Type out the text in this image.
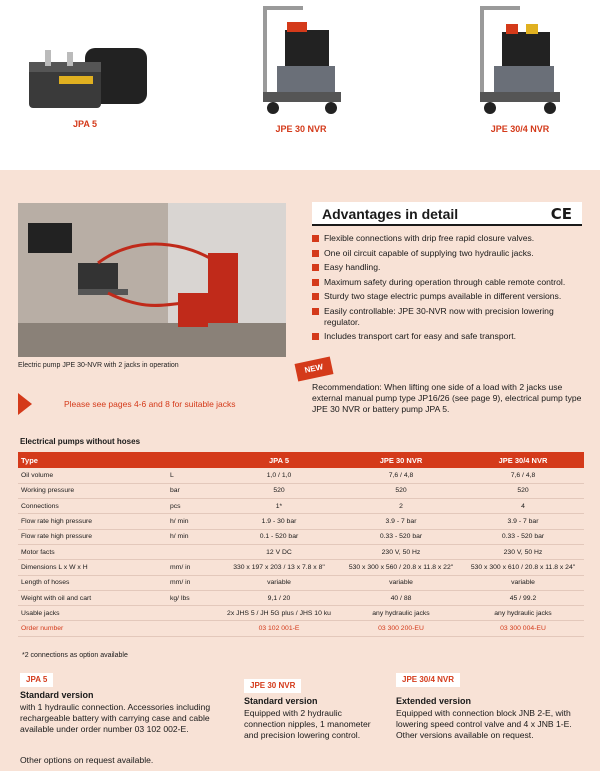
JPA 5	JPE 30 NVR	JPE 30/4 NVR
Electric pump JPE 30-NVR with 2 jacks in operation	NEW
Please see pages 4-6 and 8 for suitable jacks
Advantages in detail	CE
Flexible connections with drip free rapid closure valves.
One oil circuit capable of supplying two hydraulic jacks.
Easy handling.
Maximum safety during operation through cable remote control.
Sturdy two stage electric pumps available in different versions.
Easily controllable: JPE 30-NVR now with precision lowering regulator.
Includes transport cart for easy and safe transport.
Recommendation: When lifting one side of a load with 2 jacks use external manual pump type JP16/26 (see page 9), electrical pump type JPE 30 NVR or battery pump JPA 5.
Electrical pumps without hoses
Type		JPA 5	JPE 30 NVR	JPE 30/4 NVR
Oil volume	L	1,0 / 1,0	7,6 / 4,8	7,6 / 4,8
Working pressure	bar	520	520	520
Connections	pcs	1*	2	4
Flow rate high pressure	h/ min	1.9 - 30 bar	3.9 - 7 bar	3.9 - 7 bar
Flow rate high pressure	h/ min	0.1 - 520 bar	0.33 - 520 bar	0.33 - 520 bar
Motor facts		12 V DC	230 V, 50 Hz	230 V, 50 Hz
Dimensions L x W x H	mm/ in	330 x 197 x 203 / 13 x 7.8 x 8"	530 x 300 x 560 / 20.8 x 11.8 x 22"	530 x 300 x 610 / 20.8 x 11.8 x 24"
Length of hoses	mm/ in	variable	variable	variable
Weight with oil and cart	kg/ lbs	9,1 / 20	40 / 88	45 / 99.2
Usable jacks		2x JHS 5 / JH 5G plus / JHS 10 ku	any hydraulic jacks	any hydraulic jacks
Order number		03 102 001-E	03 300 200-EU	03 300 004-EU
*2 connections as option available
JPA 5
Standard version
with 1 hydraulic connection. Accessories including rechargeable battery with carrying case and cable available under order number 03 102 002-E.
JPE 30 NVR
Standard version
Equipped with 2 hydraulic connection nipples, 1 manometer and precision lowering control.
JPE 30/4 NVR
Extended version
Equipped with connection block JNB 2-E, with lowering speed control valve and 4 x JNB 1-E. Other versions available on request.
Other options on request available.
